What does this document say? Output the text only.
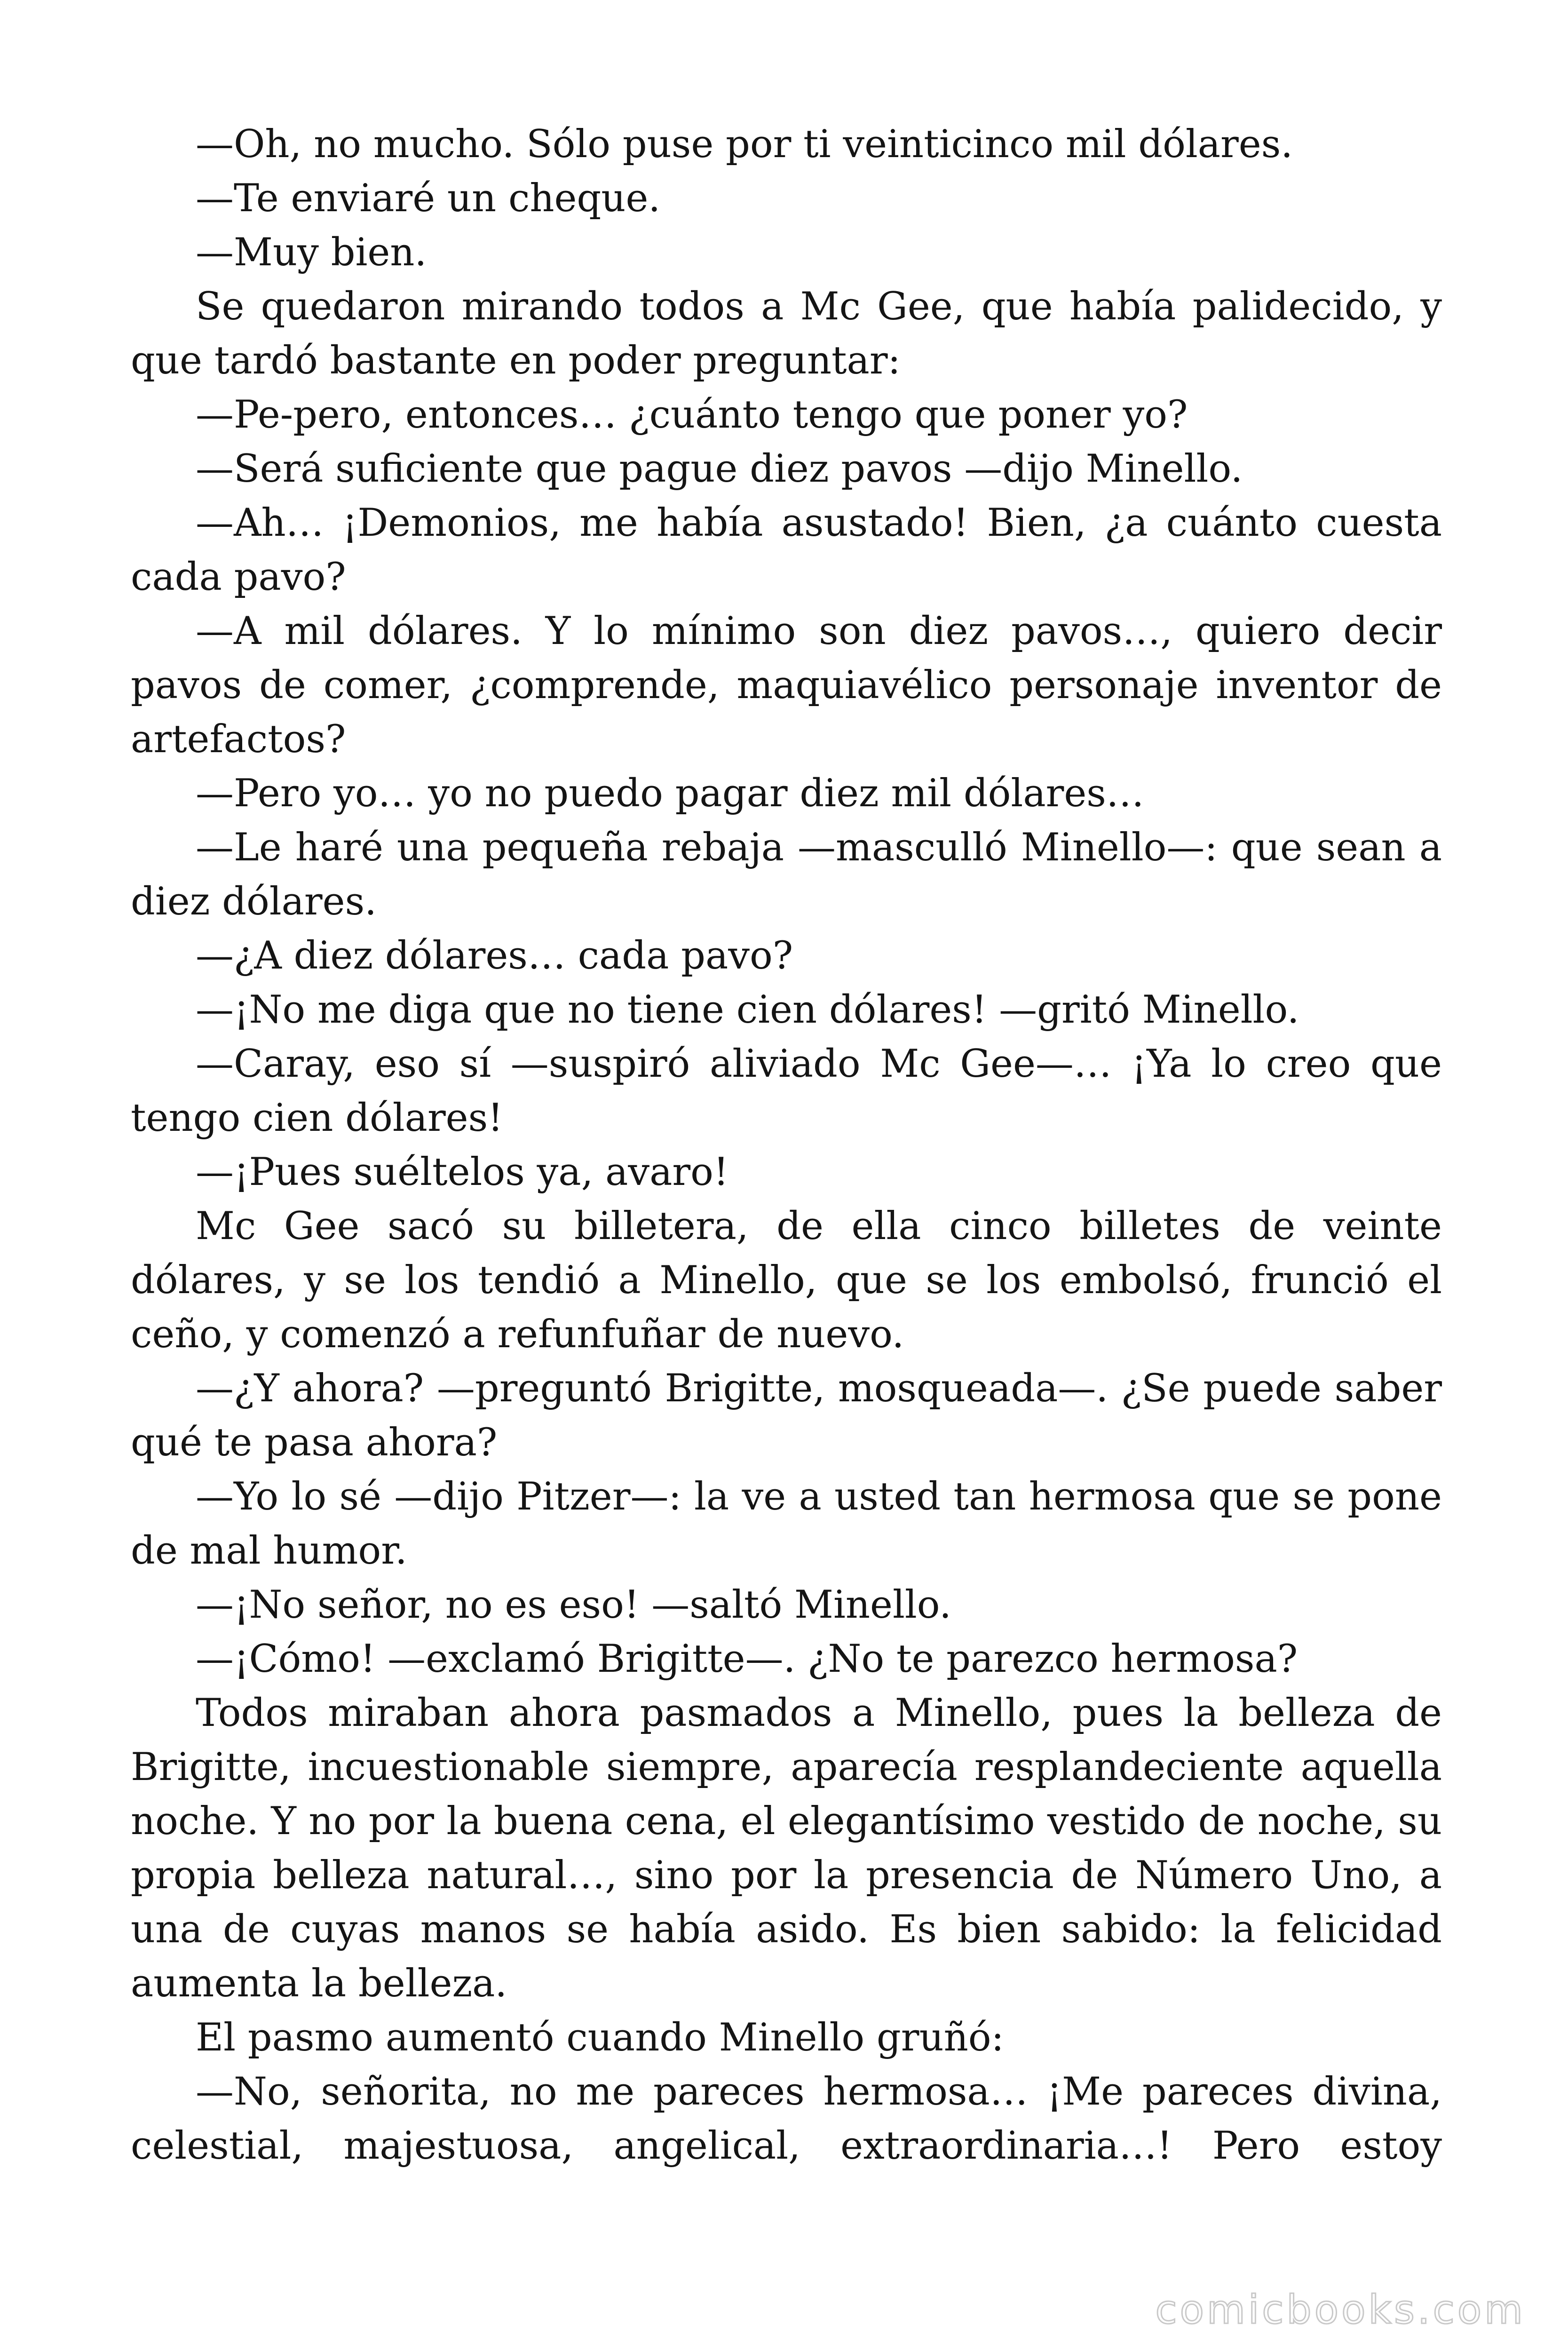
—Oh, no mucho. Sólo puse por ti veinticinco mil dólares.

—Te enviaré un cheque.

—Muy bien.

Se quedaron mirando todos a Mc Gee, que había palidecido, y que tardó bastante en poder preguntar:

—Pe-pero, entonces… ¿cuánto tengo que poner yo?

—Será suficiente que pague diez pavos —dijo Minello.

—Ah… ¡Demonios, me había asustado! Bien, ¿a cuánto cuesta cada pavo?

—A mil dólares. Y lo mínimo son diez pavos…, quiero decir pavos de comer, ¿comprende, maquiavélico personaje inventor de artefactos?

—Pero yo… yo no puedo pagar diez mil dólares…

—Le haré una pequeña rebaja —masculló Minello—: que sean a diez dólares.

—¿A diez dólares… cada pavo?

—¡No me diga que no tiene cien dólares! —gritó Minello.

—Caray, eso sí —suspiró aliviado Mc Gee—… ¡Ya lo creo que tengo cien dólares!

—¡Pues suéltelos ya, avaro!

Mc Gee sacó su billetera, de ella cinco billetes de veinte dólares, y se los tendió a Minello, que se los embolsó, frunció el ceño, y comenzó a refunfuñar de nuevo.

—¿Y ahora? —preguntó Brigitte, mosqueada—. ¿Se puede saber qué te pasa ahora?

—Yo lo sé —dijo Pitzer—: la ve a usted tan hermosa que se pone de mal humor.

—¡No señor, no es eso! —saltó Minello.

—¡Cómo! —exclamó Brigitte—. ¿No te parezco hermosa?

Todos miraban ahora pasmados a Minello, pues la belleza de Brigitte, incuestionable siempre, aparecía resplandeciente aquella noche. Y no por la buena cena, el elegantísimo vestido de noche, su propia belleza natural…, sino por la presencia de Número Uno, a una de cuyas manos se había asido. Es bien sabido: la felicidad aumenta la belleza.

El pasmo aumentó cuando Minello gruñó:

—No, señorita, no me pareces hermosa… ¡Me pareces divina, celestial, majestuosa, angelical, extraordinaria…! Pero estoy

comicbooks.com
